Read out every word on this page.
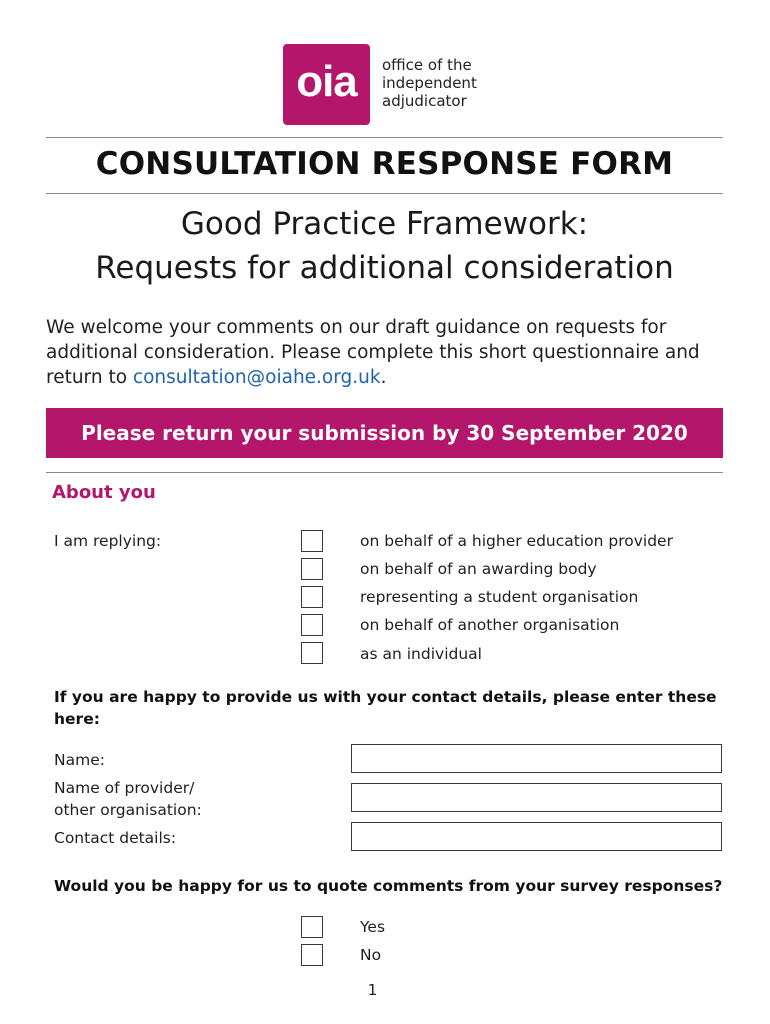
oia	office of the
independent
adjudicator
CONSULTATION RESPONSE FORM
Good Practice Framework:
Requests for additional consideration
We welcome your comments on our draft guidance on requests for additional consideration. Please complete this short questionnaire and return to consultation@oiahe.org.uk.
Please return your submission by 30 September 2020
About you
I am replying:	on behalf of a higher education provider
on behalf of an awarding body
representing a student organisation
on behalf of another organisation
as an individual
If you are happy to provide us with your contact details, please enter these here:
Name:
Name of provider/
other organisation:
Contact details:
Would you be happy for us to quote comments from your survey responses?
Yes
No
1
